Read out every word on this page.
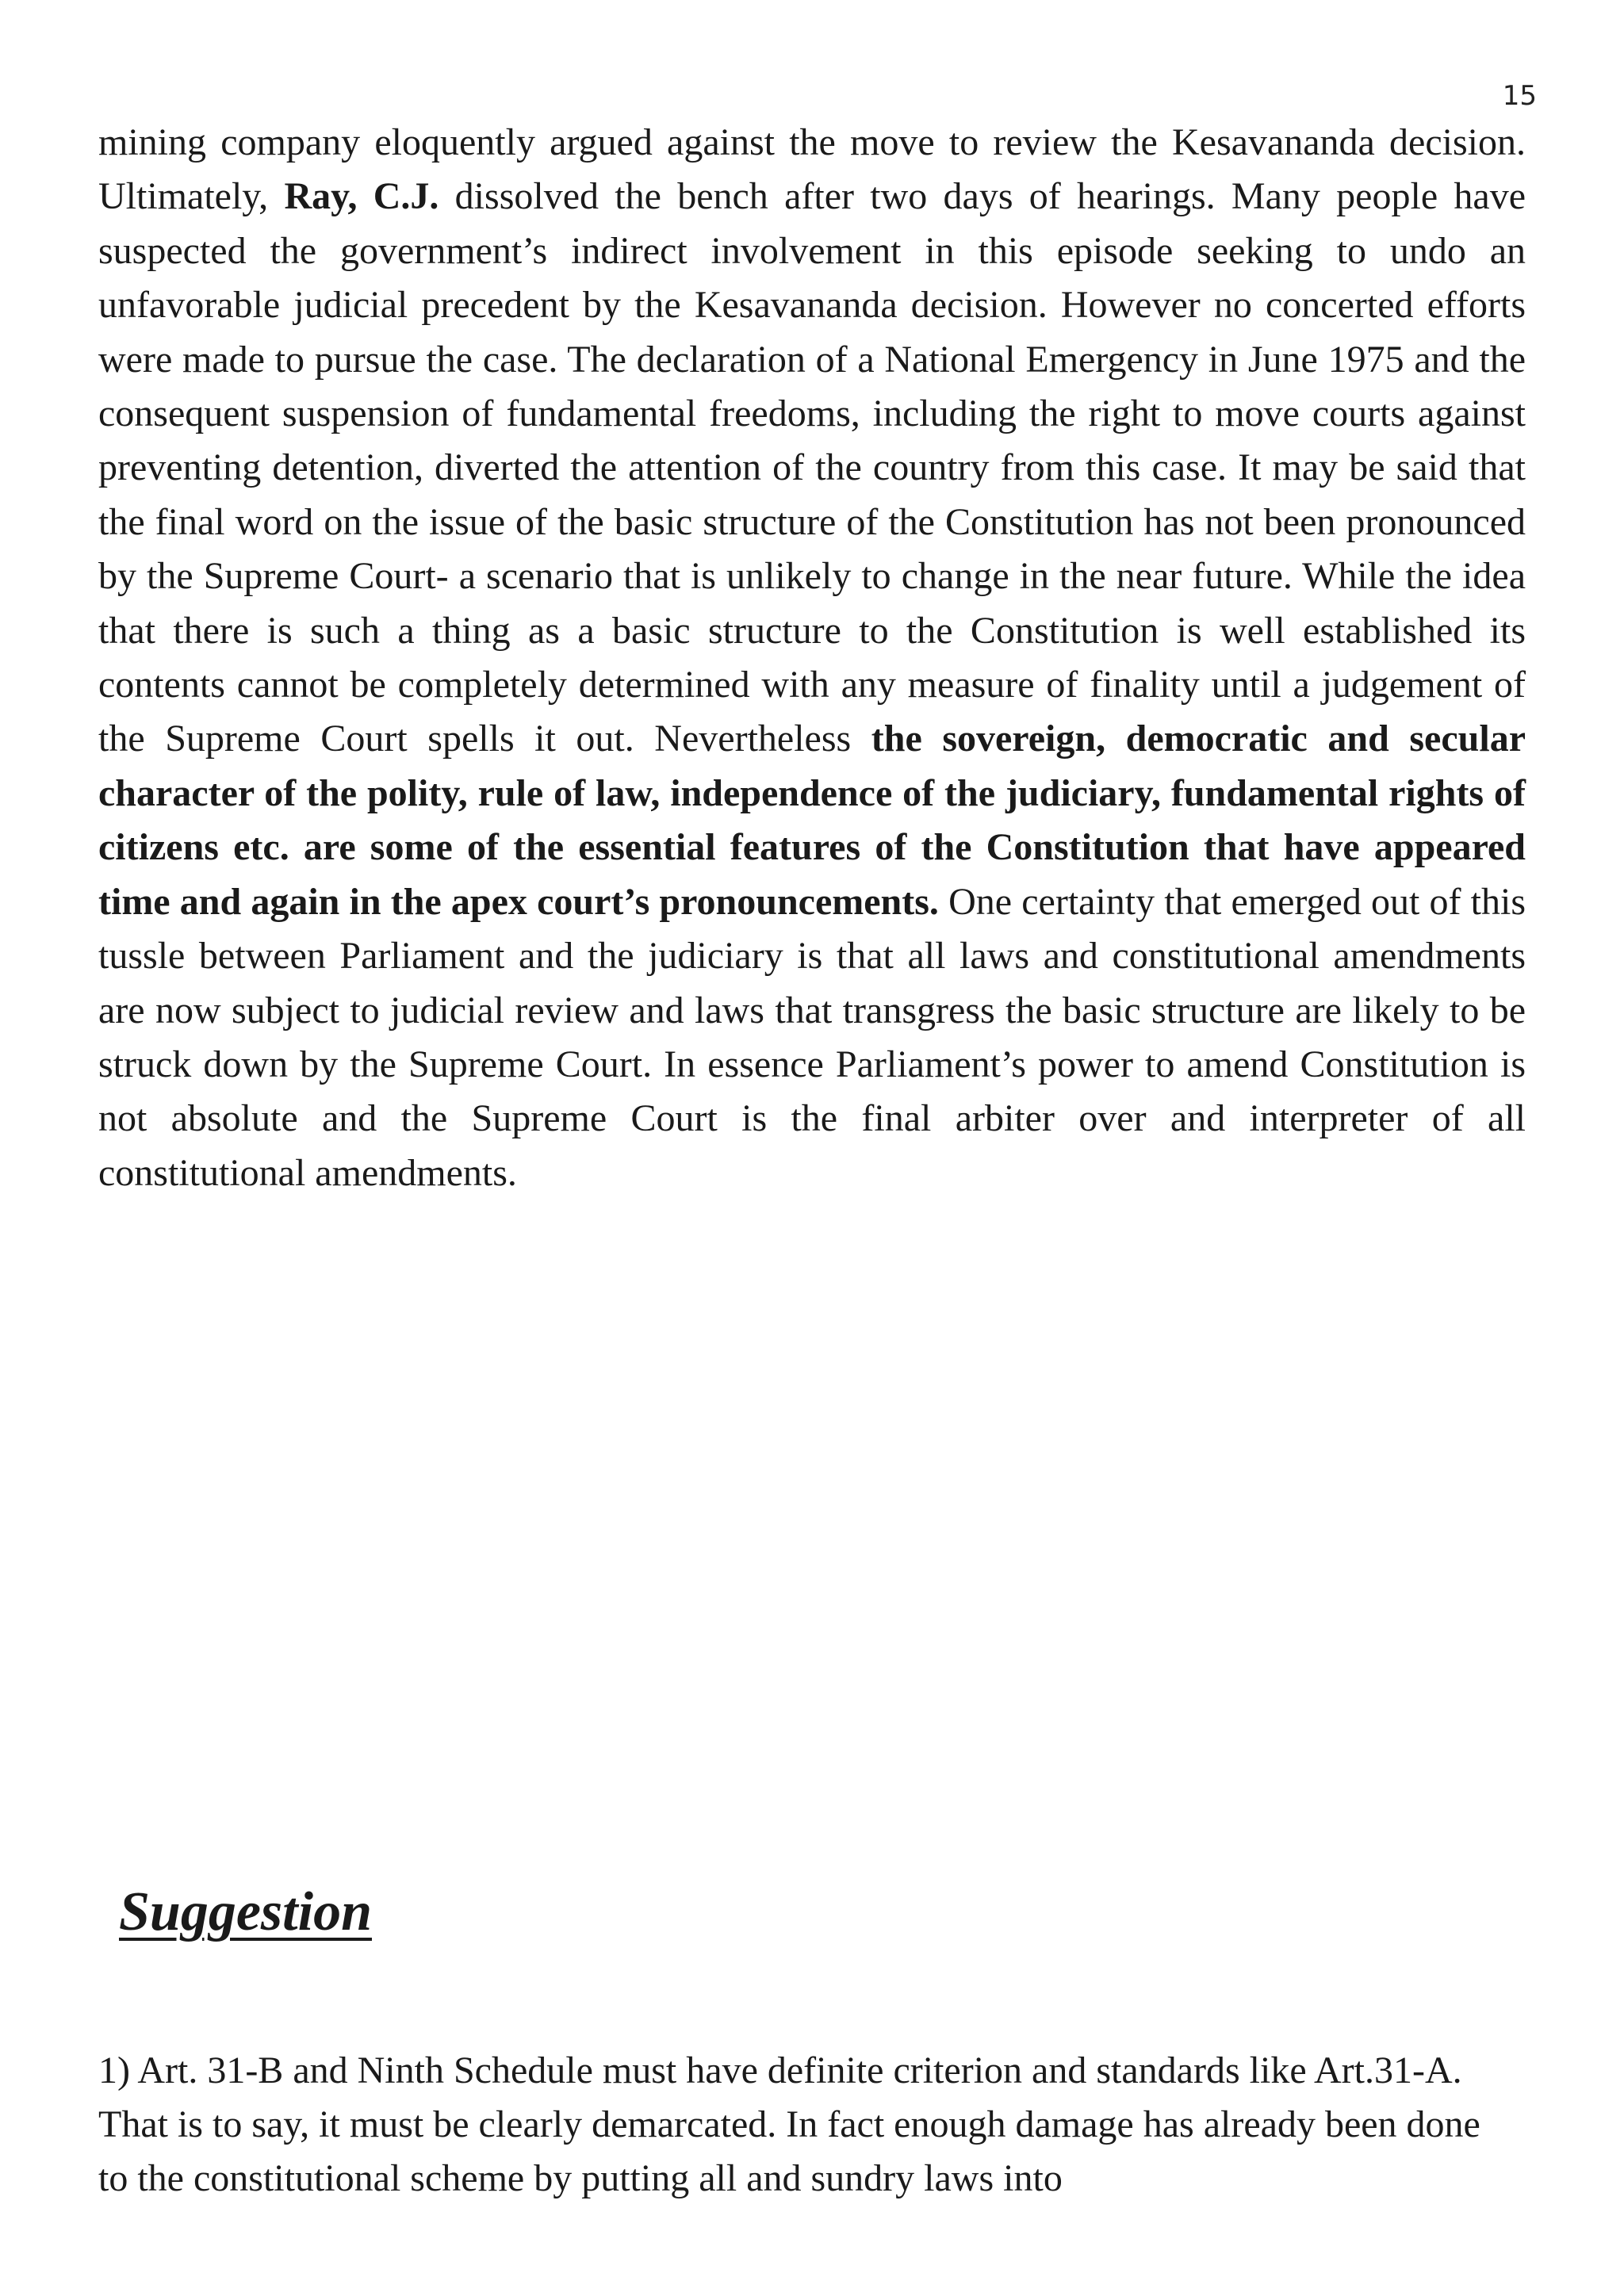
15

mining company eloquently argued against the move to review the Kesavananda decision. Ultimately, Ray, C.J. dissolved the bench after two days of hearings. Many people have suspected the government’s indirect involvement in this episode seeking to undo an unfavorable judicial precedent by the Kesavananda decision. However no concerted efforts were made to pursue the case. The declaration of a National Emergency in June 1975 and the consequent suspension of fundamental freedoms, including the right to move courts against preventing detention, diverted the attention of the country from this case. It may be said that the final word on the issue of the basic structure of the Constitution has not been pronounced by the Supreme Court- a scenario that is unlikely to change in the near future. While the idea that there is such a thing as a basic structure to the Constitution is well established its contents cannot be completely determined with any measure of finality until a judgement of the Supreme Court spells it out. Nevertheless the sovereign, democratic and secular character of the polity, rule of law, independence of the judiciary, fundamental rights of citizens etc. are some of the essential features of the Constitution that have appeared time and again in the apex court’s pronouncements. One certainty that emerged out of this tussle between Parliament and the judiciary is that all laws and constitutional amendments are now subject to judicial review and laws that transgress the basic structure are likely to be struck down by the Supreme Court. In essence Parliament’s power to amend Constitution is not absolute and the Supreme Court is the final arbiter over and interpreter of all constitutional amendments.

Suggestion

1) Art. 31-B and Ninth Schedule must have definite criterion and standards like Art.31-A. That is to say, it must be clearly demarcated. In fact enough damage has already been done to the constitutional scheme by putting all and sundry laws into
